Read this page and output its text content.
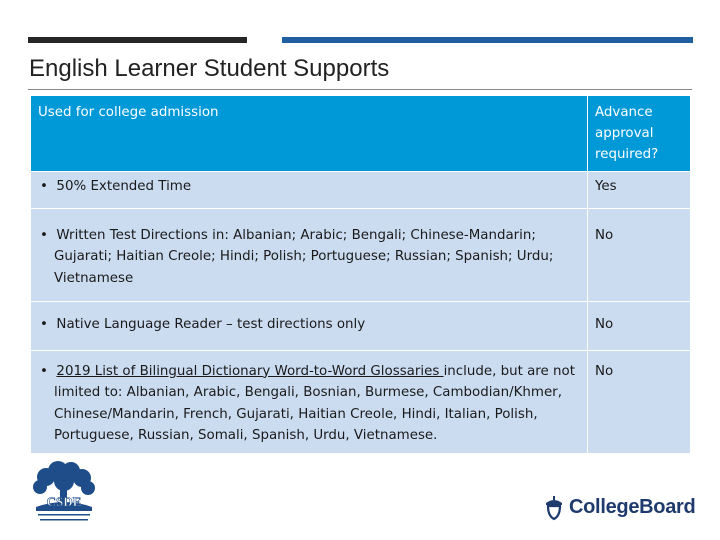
English Learner Student Supports
Used for college admission	Advance approval required?

• 50% Extended Time	Yes

• Written Test Directions in: Albanian; Arabic; Bengali; Chinese-Mandarin; Gujarati; Haitian Creole; Hindi; Polish; Portuguese; Russian; Spanish; Urdu; Vietnamese	No

• Native Language Reader – test directions only	No

• 2019 List of Bilingual Dictionary Word-to-Word Glossaries include, but are not limited to: Albanian, Arabic, Bengali, Bosnian, Burmese, Cambodian/Khmer, Chinese/Mandarin, French, Gujarati, Haitian Creole, Hindi, Italian, Polish, Portuguese, Russian, Somali, Spanish, Urdu, Vietnamese.	No
CSDE	CollegeBoard
